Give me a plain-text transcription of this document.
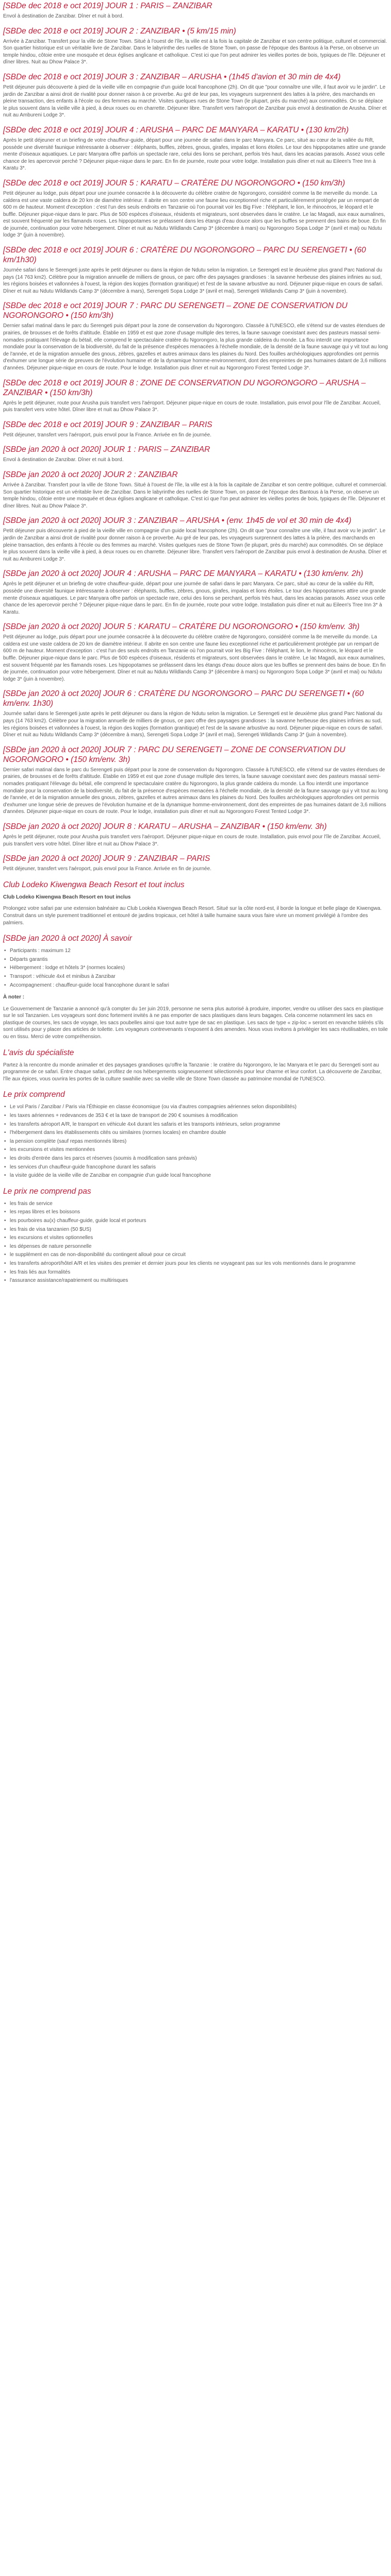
[SBDe dec 2018 e oct 2019] JOUR 1 : PARIS – ZANZIBAR

Envol à destination de Zanzibar. Dîner et nuit à bord.

[SBDe dec 2018 e oct 2019] JOUR 2 : ZANZIBAR • (5 km/15 min)

Arrivée à Zanzibar. Transfert pour la ville de Stone Town. Situé à l'ouest de l'île, la ville est à la fois la capitale de Zanzibar et son centre politique, culturel et commercial. Son quartier historique est un véritable livre de Zanzibar. Dans le labyrinthe des ruelles de Stone Town, on passe de l'époque des Bantous à la Perse, on observe un temple hindou, côtoie entre une mosquée et deux églises anglicane et catholique. C'est ici que l'on peut admirer les vieilles portes de bois, typiques de l'île. Déjeuner et dîner libres. Nuit au Dhow Palace 3*.

[SBDe dec 2018 e oct 2019] JOUR 3 : ZANZIBAR – ARUSHA • (1h45 d'avion et 30 min de 4x4)

Petit déjeuner puis découverte à pied de la vieille ville en compagnie d'un guide local francophone (2h). On dit que "pour connaître une ville, il faut avoir vu le jardin". Le jardin de Zanzibar a ainsi droit de rivalité pour donner raison à ce proverbe. Au gré de leur pas, les voyageurs surprennent des lattes à la prière, des marchands en pleine transaction, des enfants à l'école ou des femmes au marché. Visites quelques rues de Stone Town (le plupart, près du marché) aux commodités. On se déplace le plus souvent dans la vieille ville à pied, à deux roues ou en charrette. Déjeuner libre. Transfert vers l'aéroport de Zanzibar puis envol à destination de Arusha. Dîner et nuit au Ambureni Lodge 3*.

[SBDe dec 2018 e oct 2019] JOUR 4 : ARUSHA – PARC DE MANYARA – KARATU • (130 km/2h)

Après le petit déjeuner et un briefing de votre chauffeur-guide, départ pour une journée de safari dans le parc Manyara. Ce parc, situé au cœur de la vallée du Rift, possède une diversité faunique intéressante à observer : éléphants, buffles, zèbres, gnous, girafes, impalas et lions étoiles. Le tour des hippopotames attire une grande mente d'oiseaux aquatiques. Le parc Manyara offre parfois un spectacle rare, celui des lions se perchant, perfois très haut, dans les acacias parasols. Assez vous celle chance de les apercevoir perché ? Déjeuner pique-nique dans le parc. En fin de journée, route pour votre lodge. Installation puis dîner et nuit au Eileen's Tree Inn à Karatu 3*.

[SBDe dec 2018 e oct 2019] JOUR 5 : KARATU – CRATÈRE DU NGORONGORO • (150 km/3h)

Petit déjeuner au lodge, puis départ pour une journée consacrée à la découverte du célèbre cratère de Ngorongoro, considéré comme la 8e merveille du monde. La caldera est une vaste caldera de 20 km de diamètre intérieur. Il abrite en son centre une faune lieu exceptionnel riche et particulièrement protégée par un rempart de 600 m de hauteur. Moment d'exception : c'est l'un des seuls endroits en Tanzanie où l'on pourrait voir les Big Five : l'éléphant, le lion, le rhinocéros, le léopard et le buffle. Déjeuner pique-nique dans le parc. Plus de 500 espèces d'oiseaux, résidents et migrateurs, sont observées dans le cratère. Le lac Magadi, aux eaux aumalines, est souvent fréquenté par les flamands roses. Les hippopotames se prélassent dans les étangs d'eau douce alors que les buffles se prennent des bains de boue. En fin de journée, continuation pour votre hébergement. Dîner et nuit au Ndutu Wildlands Camp 3* (décembre à mars) ou Ngorongoro Sopa Lodge 3* (avril et mai) ou Ndutu lodge 3* (juin à novembre).

[SBDe dec 2018 e oct 2019] JOUR 6 : CRATÈRE DU NGORONGORO – PARC DU SERENGETI • (60 km/1h30)

Journée safari dans le Serengeti juste après le petit déjeuner ou dans la région de Ndutu selon la migration. Le Serengeti est le deuxième plus grand Parc National du pays (14 763 km2). Célèbre pour la migration annuelle de milliers de gnous, ce parc offre des paysages grandioses : la savanne herbeuse des plaines infinies au sud, les régions boisées et vallonnées à l'ouest, la région des kopjes (formation granitique) et l'est de la savane arbustive au nord. Déjeuner pique-nique en cours de safari. Dîner et nuit au Ndutu Wildlands Camp 3* (décembre à mars), Serengeti Sopa Lodge 3* (avril et mai), Serengeti Wildlands Camp 3* (juin à novembre).

[SBDe dec 2018 e oct 2019] JOUR 7 : PARC DU SERENGETI – ZONE DE CONSERVATION DU NGORONGORO • (150 km/3h)

Dernier safari matinal dans le parc du Serengeti puis départ pour la zone de conservation du Ngorongoro. Classée à l'UNESCO, elle s'étend sur de vastes étendues de prairies, de brousses et de forêts d'altitude. Établie en 1959 et est que zone d'usage multiple des terres, la faune sauvage coexistant avec des pasteurs massaï semi-nomades pratiquant l'élevage du bétail, elle comprend le spectaculaire cratère du Ngorongoro, la plus grande caldeira du monde. La flou interdit une importance mondiale pour la conservation de la biodiversité, du fait de la présence d'espèces menacées à l'échelle mondiale, de la densité de la faune sauvage qui y vit tout au long de l'année, et de la migration annuelle des gnous, zèbres, gazelles et autres animaux dans les plaines du Nord. Des fouilles archéologiques approfondies ont permis d'exhumer une longue série de preuves de l'évolution humaine et de la dynamique homme-environnement, dont des empreintes de pas humaines datant de 3,6 millions d'années. Déjeuner pique-nique en cours de route. Pour le lodge. Installation puis dîner et nuit au Ngorongoro Forest Tented Lodge 3*.

[SBDe dec 2018 e oct 2019] JOUR 8 : ZONE DE CONSERVATION DU NGORONGORO – ARUSHA – ZANZIBAR • (150 km/3h)

Après le petit déjeuner, route pour Arusha puis transfert vers l'aéroport. Déjeuner pique-nique en cours de route. Installation, puis envol pour l'île de Zanzibar. Accueil, puis transfert vers votre hôtel. Dîner libre et nuit au Dhow Palace 3*.

[SBDe dec 2018 e oct 2019] JOUR 9 : ZANZIBAR – PARIS

Petit déjeuner, transfert vers l'aéroport, puis envol pour la France. Arrivée en fin de journée.

[SBDe jan 2020 à oct 2020] JOUR 1 : PARIS – ZANZIBAR

Envol à destination de Zanzibar. Dîner et nuit à bord.

[SBDe jan 2020 à oct 2020] JOUR 2 : ZANZIBAR

Arrivée à Zanzibar. Transfert pour la ville de Stone Town. Situé à l'ouest de l'île, la ville est à la fois la capitale de Zanzibar et son centre politique, culturel et commercial. Son quartier historique est un véritable livre de Zanzibar. Dans le labyrinthe des ruelles de Stone Town, on passe de l'époque des Bantous à la Perse, on observe un temple hindou, côtoie entre une mosquée et deux églises anglicane et catholique. C'est ici que l'on peut admirer les vieilles portes de bois, typiques de l'île. Déjeuner et dîner libres. Nuit au Dhow Palace 3*.

[SBDe jan 2020 à oct 2020] JOUR 3 : ZANZIBAR – ARUSHA • (env. 1h45 de vol et 30 min de 4x4)

Petit déjeuner puis découverte à pied de la vieille ville en compagnie d'un guide local francophone (2h). On dit que "pour connaître une ville, il faut avoir vu le jardin". Le jardin de Zanzibar a ainsi droit de rivalité pour donner raison à ce proverbe. Au gré de leur pas, les voyageurs surprennent des lattes à la prière, des marchands en pleine transaction, des enfants à l'école ou des femmes au marché. Visites quelques rues de Stone Town (le plupart, près du marché) aux commodités. On se déplace le plus souvent dans la vieille ville à pied, à deux roues ou en charrette. Déjeuner libre. Transfert vers l'aéroport de Zanzibar puis envol à destination de Arusha. Dîner et nuit au Ambureni Lodge 3*.

[SBDe jan 2020 à oct 2020] JOUR 4 : ARUSHA – PARC DE MANYARA – KARATU • (130 km/env. 2h)

Après le petit déjeuner et un briefing de votre chauffeur-guide, départ pour une journée de safari dans le parc Manyara. Ce parc, situé au cœur de la vallée du Rift, possède une diversité faunique intéressante à observer : éléphants, buffles, zèbres, gnous, girafes, impalas et lions étoiles. Le tour des hippopotames attire une grande mente d'oiseaux aquatiques. Le parc Manyara offre parfois un spectacle rare, celui des lions se perchant, perfois très haut, dans les acacias parasols. Assez vous celle chance de les apercevoir perché ? Déjeuner pique-nique dans le parc. En fin de journée, route pour votre lodge. Installation puis dîner et nuit au Eileen's Tree Inn 3* à Karatu.

[SBDe jan 2020 à oct 2020] JOUR 5 : KARATU – CRATÈRE DU NGORONGORO • (150 km/env. 3h)

Petit déjeuner au lodge, puis départ pour une journée consacrée à la découverte du célèbre cratère de Ngorongoro, considéré comme la 8e merveille du monde. La caldera est une vaste caldera de 20 km de diamètre intérieur. Il abrite en son centre une faune lieu exceptionnel riche et particulièrement protégée par un rempart de 600 m de hauteur. Moment d'exception : c'est l'un des seuls endroits en Tanzanie où l'on pourrait voir les Big Five : l'éléphant, le lion, le rhinocéros, le léopard et le buffle. Déjeuner pique-nique dans le parc. Plus de 500 espèces d'oiseaux, résidents et migrateurs, sont observées dans le cratère. Le lac Magadi, aux eaux aumalines, est souvent fréquenté par les flamands roses. Les hippopotames se prélassent dans les étangs d'eau douce alors que les buffles se prennent des bains de boue. En fin de journée, continuation pour votre hébergement. Dîner et nuit au Ndutu Wildlands Camp 3* (décembre à mars) ou Ngorongoro Sopa Lodge 3* (avril et mai) ou Ndutu lodge 3* (juin à novembre).

[SBDe jan 2020 à oct 2020] JOUR 6 : CRATÈRE DU NGORONGORO – PARC DU SERENGETI • (60 km/env. 1h30)

Journée safari dans le Serengeti juste après le petit déjeuner ou dans la région de Ndutu selon la migration. Le Serengeti est le deuxième plus grand Parc National du pays (14 763 km2). Célèbre pour la migration annuelle de milliers de gnous, ce parc offre des paysages grandioses : la savanne herbeuse des plaines infinies au sud, les régions boisées et vallonnées à l'ouest, la région des kopjes (formation granitique) et l'est de la savane arbustive au nord. Déjeuner pique-nique en cours de safari. Dîner et nuit au Ndutu Wildlands Camp 3* (décembre à mars), Serengeti Sopa Lodge 3* (avril et mai), Serengeti Wildlands Camp 3* (juin à novembre).

[SBDe jan 2020 à oct 2020] JOUR 7 : PARC DU SERENGETI – ZONE DE CONSERVATION DU NGORONGORO • (150 km/env. 3h)

Dernier safari matinal dans le parc du Serengeti puis départ pour la zone de conservation du Ngorongoro. Classée à l'UNESCO, elle s'étend sur de vastes étendues de prairies, de brousses et de forêts d'altitude. Établie en 1959 et est que zone d'usage multiple des terres, la faune sauvage coexistant avec des pasteurs massaï semi-nomades pratiquant l'élevage du bétail, elle comprend le spectaculaire cratère du Ngorongoro, la plus grande caldeira du monde. La flou interdit une importance mondiale pour la conservation de la biodiversité, du fait de la présence d'espèces menacées à l'échelle mondiale, de la densité de la faune sauvage qui y vit tout au long de l'année, et de la migration annuelle des gnous, zèbres, gazelles et autres animaux dans les plaines du Nord. Des fouilles archéologiques approfondies ont permis d'exhumer une longue série de preuves de l'évolution humaine et de la dynamique homme-environnement, dont des empreintes de pas humaines datant de 3,6 millions d'années. Déjeuner pique-nique en cours de route. Pour le lodge, installation puis dîner et nuit au Ngorongoro Forest Tented Lodge 3*.

[SBDe jan 2020 à oct 2020] JOUR 8 : KARATU – ARUSHA – ZANZIBAR • (150 km/env. 3h)

Après le petit déjeuner, route pour Arusha puis transfert vers l'aéroport. Déjeuner pique-nique en cours de route. Installation, puis envol pour l'île de Zanzibar. Accueil, puis transfert vers votre hôtel. Dîner libre et nuit au Dhow Palace 3*.

[SBDe jan 2020 à oct 2020] JOUR 9 : ZANZIBAR – PARIS

Petit déjeuner, transfert vers l'aéroport, puis envol pour la France. Arrivée en fin de journée.

Club Lodeko Kiwengwa Beach Resort et tout inclus

Club Lodeko Kiwengwa Beach Resort en tout inclus

Prolongez votre safari par une extension balnéaire au Club Lookéa Kiwengwa Beach Resort. Situé sur la côte nord-est, il borde la longue et belle plage de Kiwengwa. Construit dans un style purement traditionnel et entouré de jardins tropicaux, cet hôtel à taille humaine saura vous faire vivre un moment privilégié à l'ombre des palmiers.

[SBDe jan 2020 à oct 2020] À savoir
• Participants : maximum 12
• Départs garantis
• Hébergement : lodge et hôtels 3* (normes locales)
• Transport : véhicule 4x4 et minibus à Zanzibar
• Accompagnement : chauffeur-guide local francophone durant le safari

À noter :

Le Gouvernement de Tanzanie a annoncé qu'à compter du 1er juin 2019, personne ne serra plus autorisé à produire, importer, vendre ou utiliser des sacs en plastique sur le sol Tanzanien. Les voyageurs sont donc fortement invités à ne pas emporter de sacs plastiques dans leurs bagages. Cela concerne notamment les sacs en plastique de courses, les sacs de voyage, les sacs poubelles ainsi que tout autre type de sac en plastique. Les sacs de type « zip-loc » seront en revanche tolérés s'ils sont utilisés pour y placer des articles de toilette. Les voyageurs contrevenants s'exposent à des amendes. Nous vous invitons à privilégier les sacs réutilisables, en toile ou en tissu. Merci de votre compréhension.

L'avis du spécialiste

Partez à la rencontre du monde animalier et des paysages grandioses qu'offre la Tanzanie : le cratère du Ngorongoro, le lac Manyara et le parc du Serengeti sont au programme de ce safari. Entre chaque safari, profitez de nos hébergements soigneusement sélectionnés pour leur charme et leur confort. La découverte de Zanzibar, l'île aux épices, vous ouvrira les portes de la culture swahilie avec sa vieille ville de Stone Town classée au patrimoine mondial de l'UNESCO.

Le prix comprend
• Le vol Paris / Zanzibar / Paris via l'Éthiopie en classe économique (ou via d'autres compagnies aériennes selon disponibilités)
• les taxes aériennes + redevances de 353 € et la taxe de transport de 290 € soumises à modification
• les transferts aéroport A/R, le transport en véhicule 4x4 durant les safaris et les transports intérieurs, selon programme
• l'hébergement dans les établissements cités ou similaires (normes locales) en chambre double
• la pension complète (sauf repas mentionnés libres)
• les excursions et visites mentionnées
• les droits d'entrée dans les parcs et réserves (soumis à modification sans préavis)
• les services d'un chauffeur-guide francophone durant les safaris
• la visite guidée de la vieille ville de Zanzibar en compagnie d'un guide local francophone
Le prix ne comprend pas
• les frais de service
• les repas libres et les boissons
• les pourboires au(x) chauffeur-guide, guide local et porteurs
• les frais de visa tanzanien (50 $US)
• les excursions et visites optionnelles
• les dépenses de nature personnelle
• le supplément en cas de non-disponibilité du contingent alloué pour ce circuit
• les transferts aéroport/hôtel A/R et les visites des premier et dernier jours pour les clients ne voyageant pas sur les vols mentionnés dans le programme
• les frais liés aux formalités
• l'assurance assistance/rapatriement ou multirisques
